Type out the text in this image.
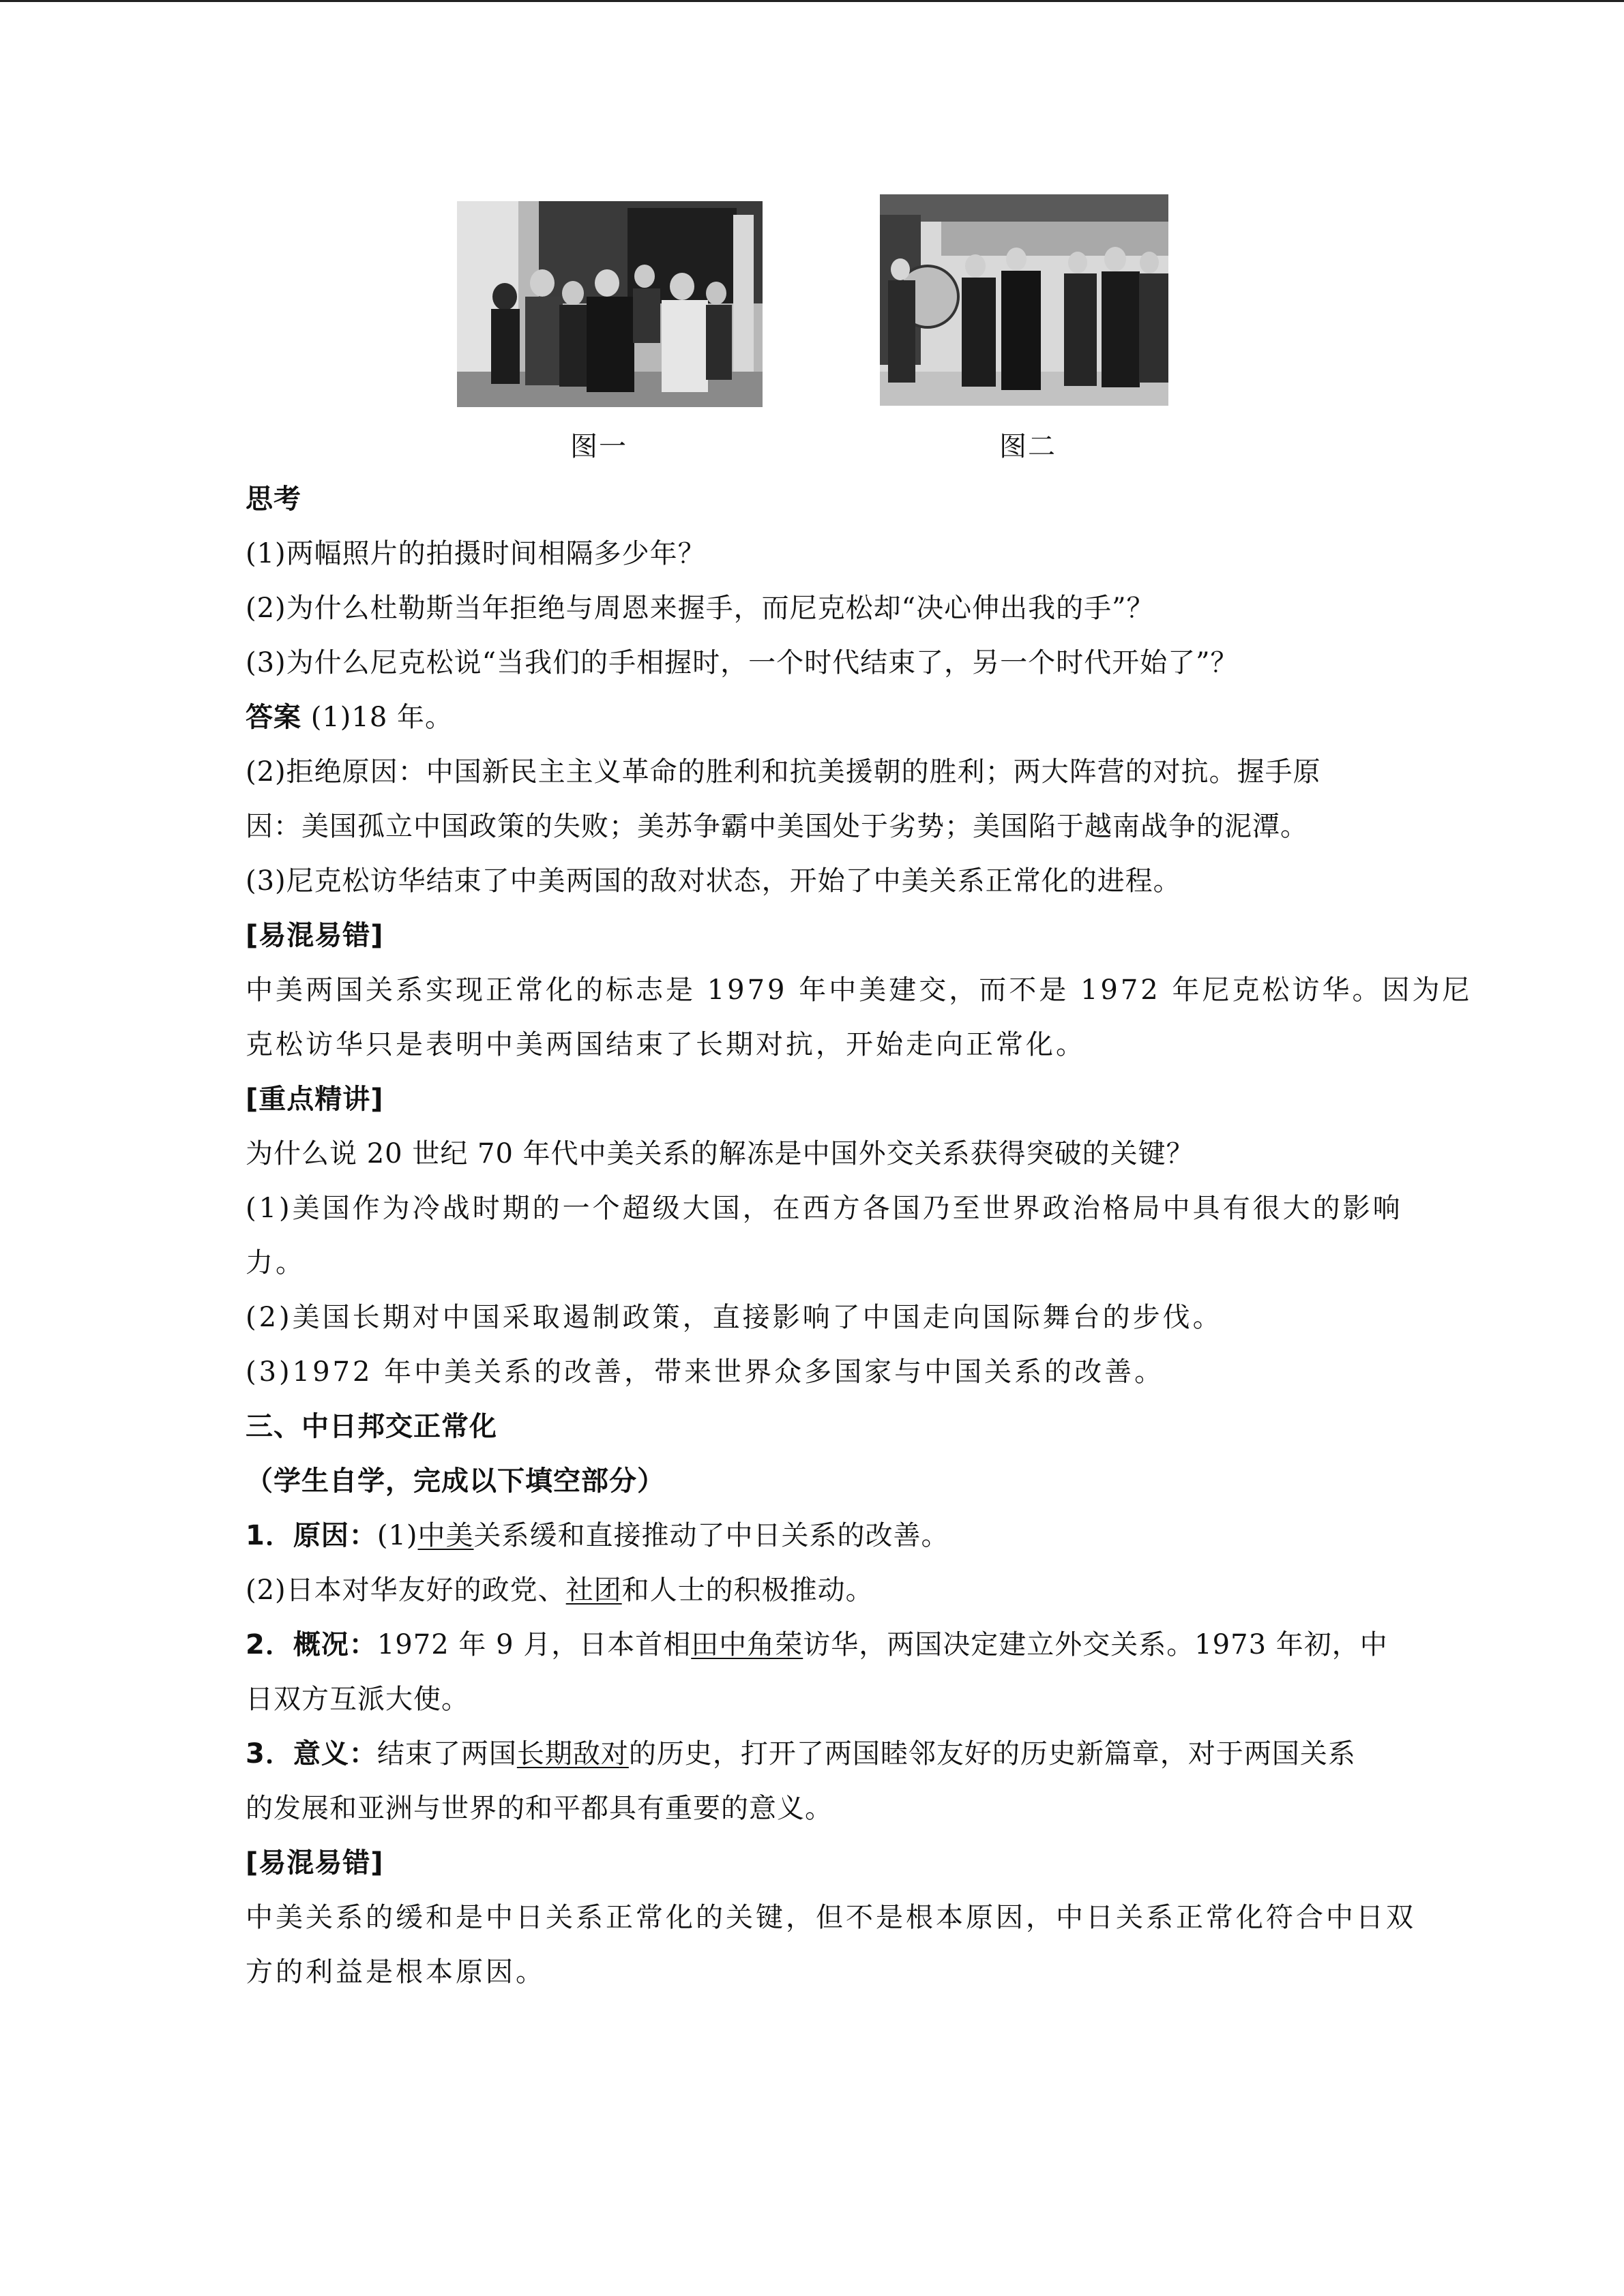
图一	图二
思考
(1)两幅照片的拍摄时间相隔多少年？
(2)为什么杜勒斯当年拒绝与周恩来握手，而尼克松却“决心伸出我的手”？
(3)为什么尼克松说“当我们的手相握时，一个时代结束了，另一个时代开始了”？
答案 (1)18 年。
(2)拒绝原因：中国新民主主义革命的胜利和抗美援朝的胜利；两大阵营的对抗。握手原
因：美国孤立中国政策的失败；美苏争霸中美国处于劣势；美国陷于越南战争的泥潭。
(3)尼克松访华结束了中美两国的敌对状态，开始了中美关系正常化的进程。
[易混易错]
中美两国关系实现正常化的标志是 1979 年中美建交，而不是 1972 年尼克松访华。因为尼
克松访华只是表明中美两国结束了长期对抗，开始走向正常化。
[重点精讲]
为什么说 20 世纪 70 年代中美关系的解冻是中国外交关系获得突破的关键？
(1)美国作为冷战时期的一个超级大国，在西方各国乃至世界政治格局中具有很大的影响
力。
(2)美国长期对中国采取遏制政策，直接影响了中国走向国际舞台的步伐。
(3)1972 年中美关系的改善，带来世界众多国家与中国关系的改善。
三、中日邦交正常化
（学生自学，完成以下填空部分）
1．原因：(1)中美关系缓和直接推动了中日关系的改善。
(2)日本对华友好的政党、社团和人士的积极推动。
2．概况：1972 年 9 月，日本首相田中角荣访华，两国决定建立外交关系。1973 年初，中
日双方互派大使。
3．意义：结束了两国长期敌对的历史，打开了两国睦邻友好的历史新篇章，对于两国关系
的发展和亚洲与世界的和平都具有重要的意义。
[易混易错]
中美关系的缓和是中日关系正常化的关键，但不是根本原因，中日关系正常化符合中日双
方的利益是根本原因。
